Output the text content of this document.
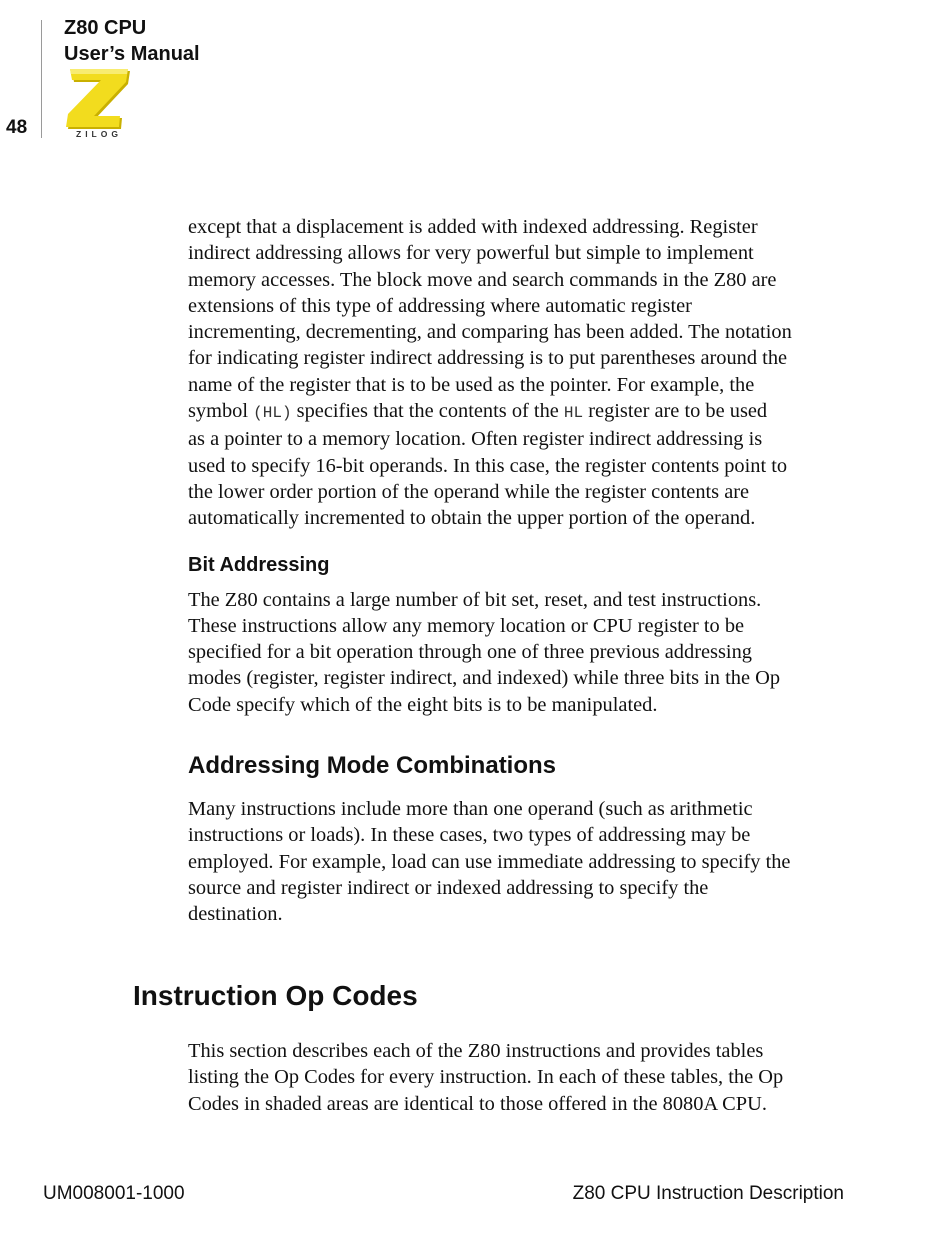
48
Z80 CPU
User’s Manual
ZILOG
except that a displacement is added with indexed addressing. Register
indirect addressing allows for very powerful but simple to implement
memory accesses. The block move and search commands in the Z80 are
extensions of this type of addressing where automatic register
incrementing, decrementing, and comparing has been added. The notation
for indicating register indirect addressing is to put parentheses around the
name of the register that is to be used as the pointer. For example, the
symbol (HL) specifies that the contents of the HL register are to be used
as a pointer to a memory location. Often register indirect addressing is
used to specify 16-bit operands. In this case, the register contents point to
the lower order portion of the operand while the register contents are
automatically incremented to obtain the upper portion of the operand.
Bit Addressing
The Z80 contains a large number of bit set, reset, and test instructions.
These instructions allow any memory location or CPU register to be
specified for a bit operation through one of three previous addressing
modes (register, register indirect, and indexed) while three bits in the Op
Code specify which of the eight bits is to be manipulated.
Addressing Mode Combinations
Many instructions include more than one operand (such as arithmetic
instructions or loads). In these cases, two types of addressing may be
employed. For example, load can use immediate addressing to specify the
source and register indirect or indexed addressing to specify the
destination.
Instruction Op Codes
This section describes each of the Z80 instructions and provides tables
listing the Op Codes for every instruction. In each of these tables, the Op
Codes in shaded areas are identical to those offered in the 8080A CPU.
UM008001-1000	Z80 CPU Instruction Description
